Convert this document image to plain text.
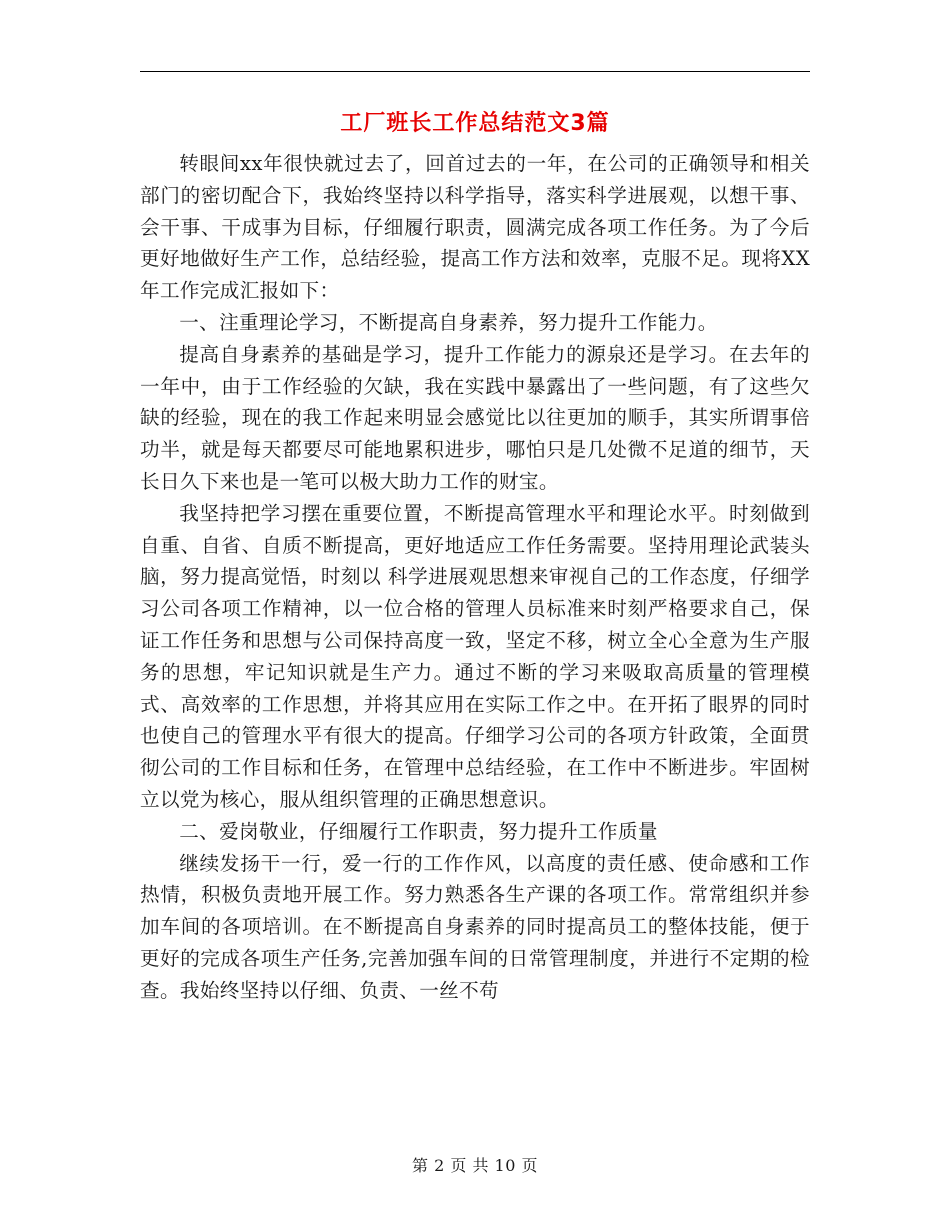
工厂班长工作总结范文3篇

转眼间xx年很快就过去了，回首过去的一年，在公司的正确领导和相关部门的密切配合下，我始终坚持以科学指导，落实科学进展观，以想干事、会干事、干成事为目标，仔细履行职责，圆满完成各项工作任务。为了今后更好地做好生产工作，总结经验，提高工作方法和效率，克服不足。现将XX年工作完成汇报如下：

一、注重理论学习，不断提高自身素养，努力提升工作能力。

提高自身素养的基础是学习，提升工作能力的源泉还是学习。在去年的一年中，由于工作经验的欠缺，我在实践中暴露出了一些问题，有了这些欠缺的经验，现在的我工作起来明显会感觉比以往更加的顺手，其实所谓事倍功半，就是每天都要尽可能地累积进步，哪怕只是几处微不足道的细节，天长日久下来也是一笔可以极大助力工作的财宝。

我坚持把学习摆在重要位置，不断提高管理水平和理论水平。时刻做到自重、自省、自质不断提高，更好地适应工作任务需要。坚持用理论武装头脑，努力提高觉悟，时刻以 科学进展观思想来审视自己的工作态度，仔细学习公司各项工作精神，以一位合格的管理人员标准来时刻严格要求自己，保证工作任务和思想与公司保持高度一致，坚定不移，树立全心全意为生产服务的思想，牢记知识就是生产力。通过不断的学习来吸取高质量的管理模式、高效率的工作思想，并将其应用在实际工作之中。在开拓了眼界的同时也使自己的管理水平有很大的提高。仔细学习公司的各项方针政策，全面贯彻公司的工作目标和任务，在管理中总结经验，在工作中不断进步。牢固树立以党为核心，服从组织管理的正确思想意识。

二、爱岗敬业，仔细履行工作职责，努力提升工作质量

继续发扬干一行，爱一行的工作作风，以高度的责任感、使命感和工作热情，积极负责地开展工作。努力熟悉各生产课的各项工作。常常组织并参加车间的各项培训。在不断提高自身素养的同时提高员工的整体技能，便于更好的完成各项生产任务,完善加强车间的日常管理制度，并进行不定期的检查。我始终坚持以仔细、负责、一丝不苟

第 2 页 共 10 页
